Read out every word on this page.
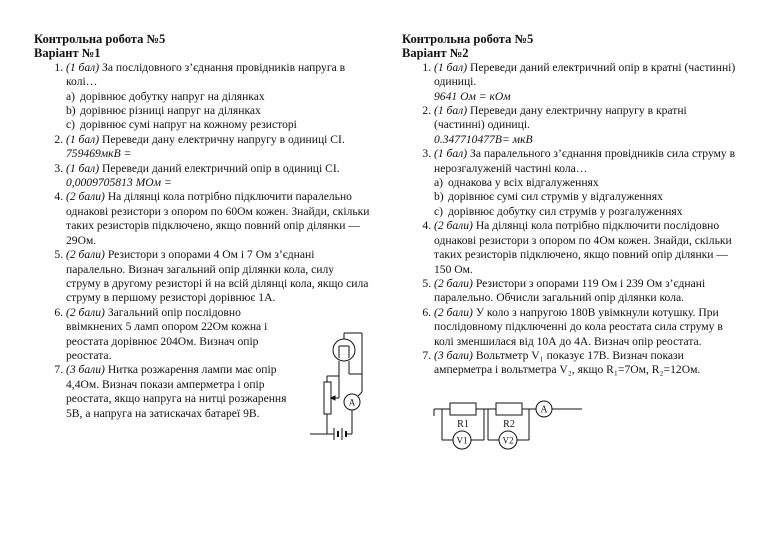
Контрольна робота №5
Варіант №1
1. (1 бал) За послідовного з’єднання провідників напруга в колі…
a) дорівнює добутку напруг на ділянках
b) дорівнює різниці напруг на ділянках
c) дорівнює сумі напруг на кожному резисторі
2. (1 бал) Переведи дану електричну напругу в одиниці СІ.
759469мкВ =
3. (1 бал) Переведи даний електричний опір в одиниці СІ.
0,0009705813 МОм =
4. (2 бали) На ділянці кола потрібно підключити паралельно однакові резистори з опором по 60Ом кожен. Знайди, скільки таких резисторів підключено, якщо повний опір ділянки — 29Ом.
5. (2 бали) Резистори з опорами 4 Ом і 7 Ом з’єднані паралельно. Визнач загальний опір ділянки кола, силу струму в другому резисторі й на всій ділянці кола, якщо сила струму в першому резисторі дорівнює 1А.
6. (2 бали) Загальний опір послідовно ввімкнених 5 ламп опором 22Ом кожна і реостата дорівнює 204Ом. Визнач опір реостата.
7. (3 бали) Нитка розжарення лампи має опір 4,4Ом. Визнач покази амперметра і опір реостата, якщо напруга на нитці розжарення 5В, а напруга на затискачах батареї 9В.
A
Контрольна робота №5
Варіант №2
1. (1 бал) Переведи даний електричний опір в кратні (частинні) одиниці.
9641 Ом = кОм
2. (1 бал) Переведи дану електричну напругу в кратні (частинні) одиниці.
0.347710477В= мкВ
3. (1 бал) За паралельного з’єднання провідників сила струму в нерозгалуженій частині кола…
a) однакова у всіх відгалуженнях
b) дорівнює сумі сил струмів у відгалуженнях
c) дорівнює добутку сил струмів у розгалуженнях
4. (2 бали) На ділянці кола потрібно підключити послідовно однакові резистори з опором по 4Ом кожен. Знайди, скільки таких резисторів підключено, якщо повний опір ділянки — 150 Ом.
5. (2 бали) Резистори з опорами 119 Ом і 239 Ом з’єднані паралельно. Обчисли загальний опір ділянки кола.
6. (2 бали) У коло з напругою 180В увімкнули котушку. При послідовному підключенні до кола реостата сила струму в колі зменшилася від 10А до 4А. Визнач опір реостата.
7. (3 бали) Вольтметр V₁ показує 17В. Визнач покази амперметра і вольтметра V₂, якщо R₁=7Ом, R₂=12Ом.
R1	R2
A
V1	V2
